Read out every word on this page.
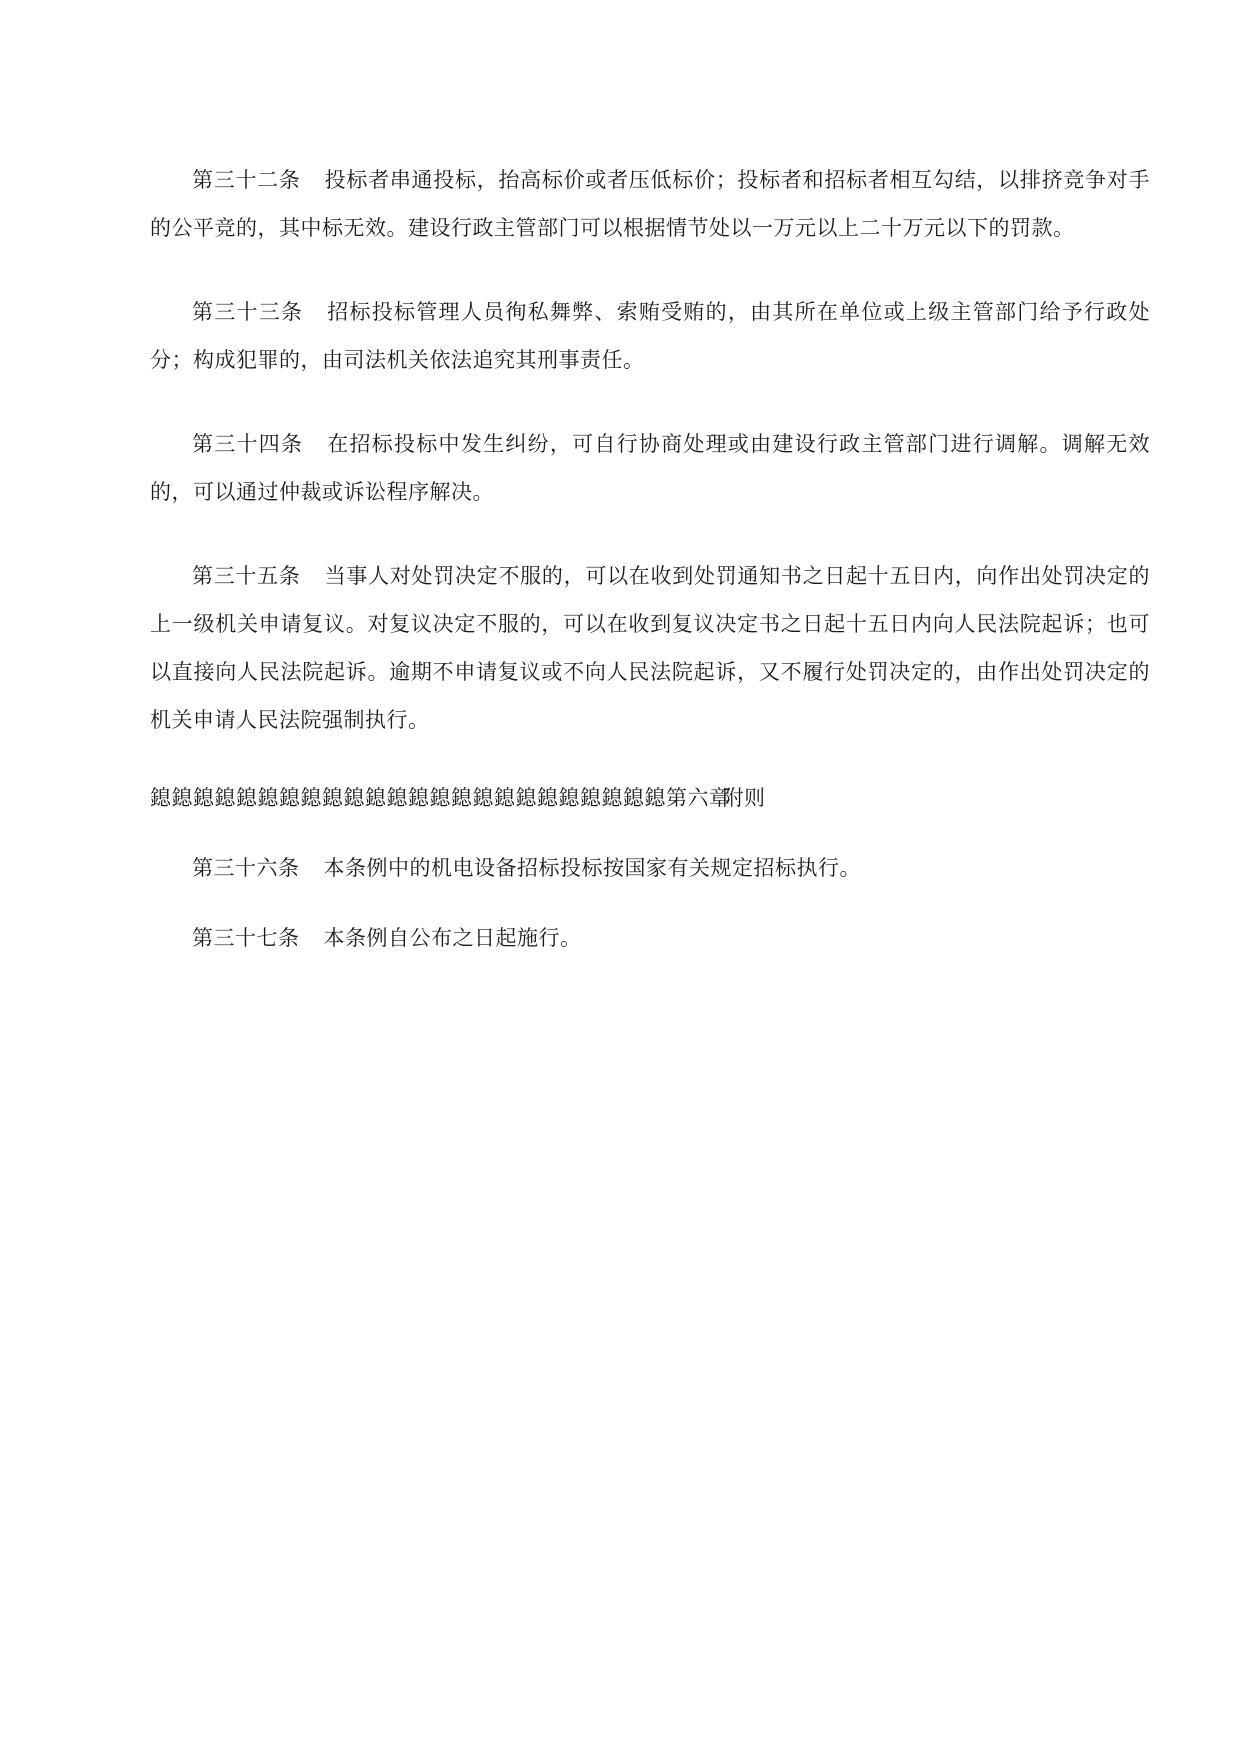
第三十二条 投标者串通投标，抬高标价或者压低标价；投标者和招标者相互勾结，以排挤竞争对手的公平竞的，其中标无效。建设行政主管部门可以根据情节处以一万元以上二十万元以下的罚款。

第三十三条 招标投标管理人员徇私舞弊、索贿受贿的，由其所在单位或上级主管部门给予行政处分；构成犯罪的，由司法机关依法追究其刑事责任。

第三十四条 在招标投标中发生纠纷，可自行协商处理或由建设行政主管部门进行调解。调解无效的，可以通过仲裁或诉讼程序解决。

第三十五条 当事人对处罚决定不服的，可以在收到处罚通知书之日起十五日内，向作出处罚决定的上一级机关申请复议。对复议决定不服的，可以在收到复议决定书之日起十五日内向人民法院起诉；也可以直接向人民法院起诉。逾期不申请复议或不向人民法院起诉，又不履行处罚决定的，由作出处罚决定的机关申请人民法院强制执行。

鎴鎴鎴鎴鎴鎴鎴鎴鎴鎴鎴鎴鎴鎴鎴鎴鎴鎴鎴鎴鎴鎴鎴鎴第六章附则

第三十六条 本条例中的机电设备招标投标按国家有关规定招标执行。

第三十七条 本条例自公布之日起施行。
